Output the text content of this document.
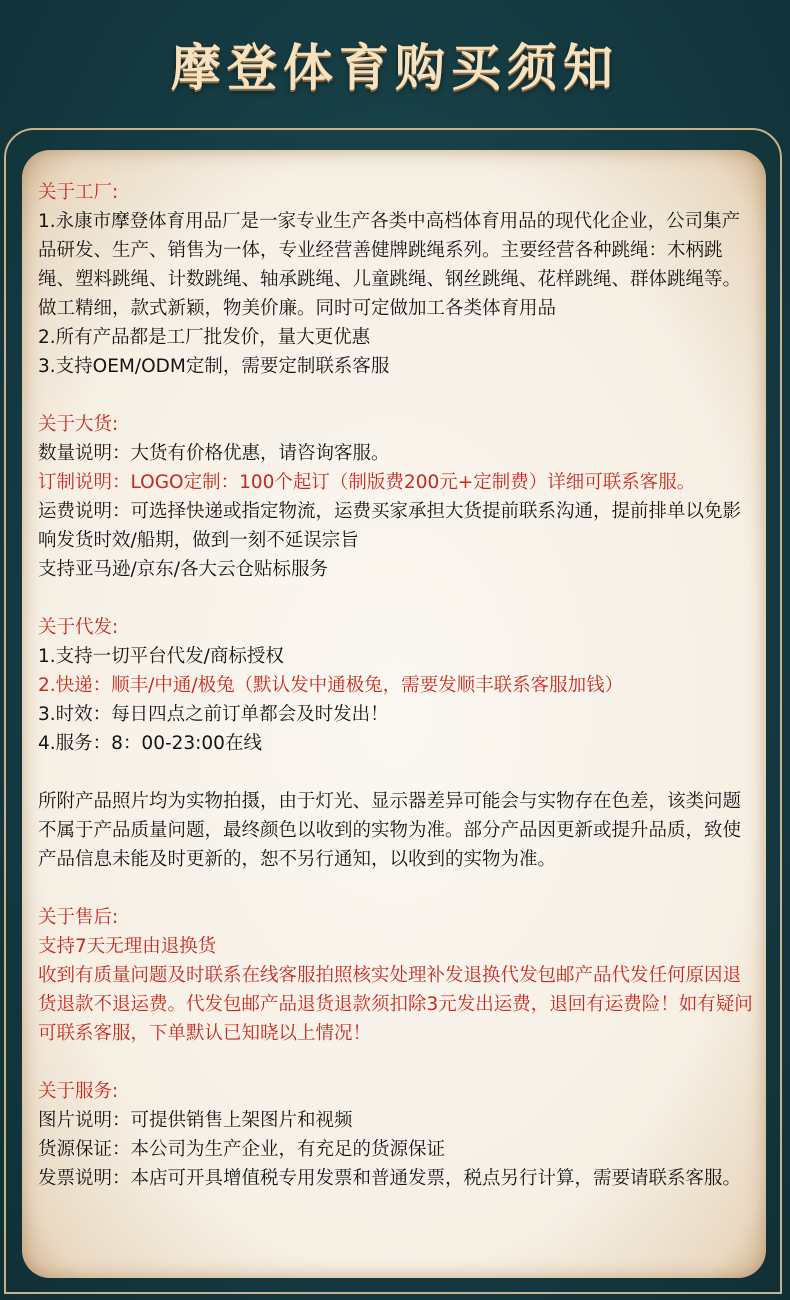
摩登体育购买须知
关于工厂:
1.永康市摩登体育用品厂是一家专业生产各类中高档体育用品的现代化企业，公司集产品研发、生产、销售为一体，专业经营善健牌跳绳系列。主要经营各种跳绳：木柄跳绳、塑料跳绳、计数跳绳、轴承跳绳、儿童跳绳、钢丝跳绳、花样跳绳、群体跳绳等。做工精细，款式新颖，物美价廉。同时可定做加工各类体育用品
2.所有产品都是工厂批发价，量大更优惠
3.支持OEM/ODM定制，需要定制联系客服
关于大货:
数量说明：大货有价格优惠，请咨询客服。
订制说明：LOGO定制：100个起订（制版费200元+定制费）详细可联系客服。
运费说明：可选择快递或指定物流，运费买家承担大货提前联系沟通，提前排单以免影响发货时效/船期，做到一刻不延误宗旨
支持亚马逊/京东/各大云仓贴标服务
关于代发:
1.支持一切平台代发/商标授权
2.快递：顺丰/中通/极兔（默认发中通极兔，需要发顺丰联系客服加钱）
3.时效：每日四点之前订单都会及时发出！
4.服务：8：00-23:00在线
所附产品照片均为实物拍摄，由于灯光、显示器差异可能会与实物存在色差，该类问题不属于产品质量问题，最终颜色以收到的实物为准。部分产品因更新或提升品质，致使产品信息未能及时更新的，恕不另行通知，以收到的实物为准。
关于售后:
支持7天无理由退换货
收到有质量问题及时联系在线客服拍照核实处理补发退换代发包邮产品代发任何原因退货退款不退运费。代发包邮产品退货退款须扣除3元发出运费，退回有运费险！如有疑问可联系客服，下单默认已知晓以上情况！
关于服务:
图片说明：可提供销售上架图片和视频
货源保证：本公司为生产企业，有充足的货源保证
发票说明：本店可开具增值税专用发票和普通发票，税点另行计算，需要请联系客服。
